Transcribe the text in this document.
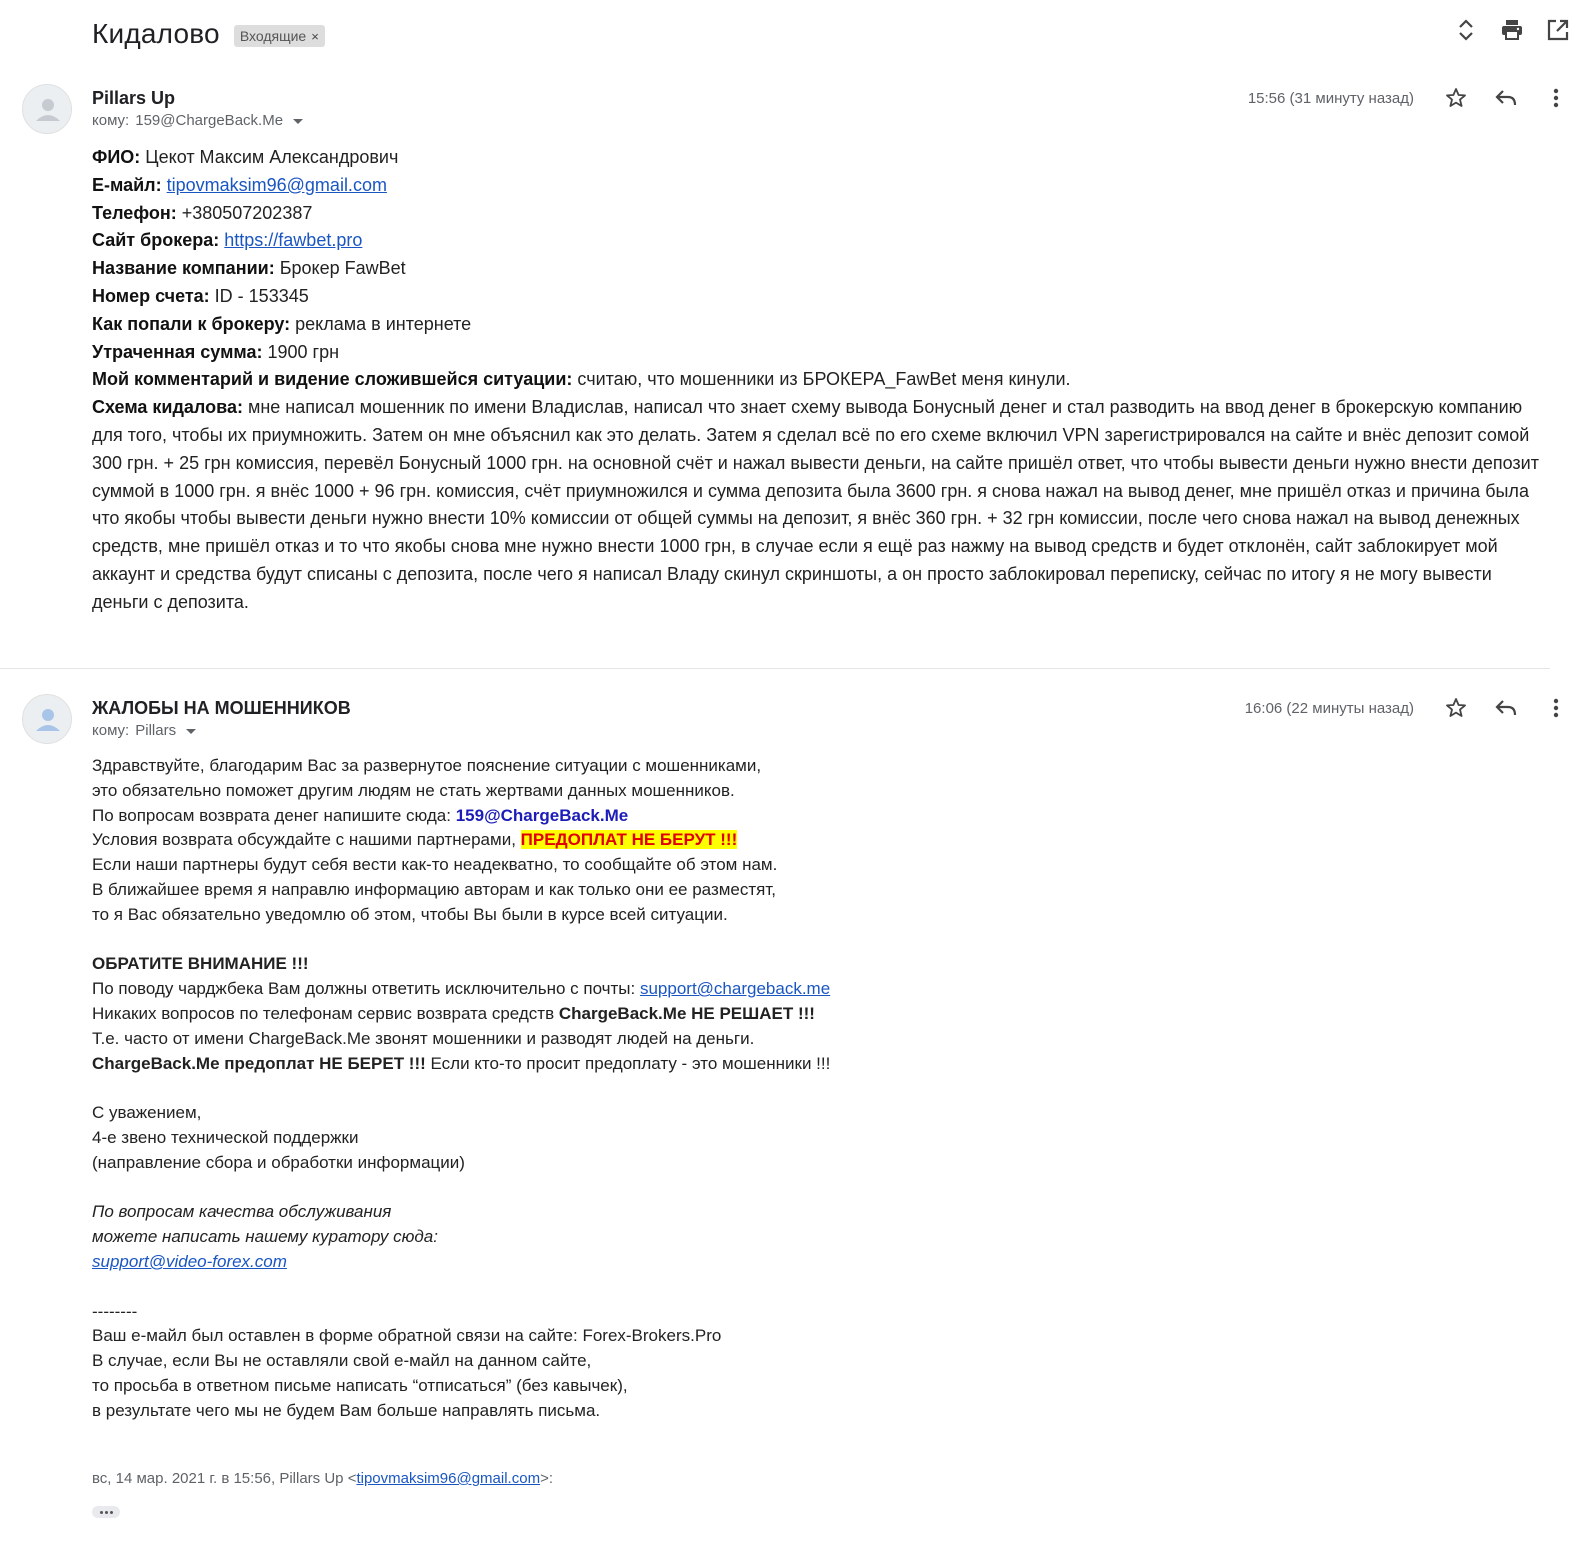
Кидалово Входящие ×
Pillars Up
кому: 159@ChargeBack.Me
15:56 (31 минуту назад)
ФИО: Цекот Максим Александрович
E-майл: tipovmaksim96@gmail.com
Телефон: +380507202387
Сайт брокера: https://fawbet.pro
Название компании: Брокер FawBet
Номер счета: ID - 153345
Как попали к брокеру: реклама в интернете
Утраченная сумма: 1900 грн
Мой комментарий и видение сложившейся ситуации: считаю, что мошенники из БРОКЕРА_FawBet меня кинули.
Схема кидалова: мне написал мошенник по имени Владислав, написал что знает схему вывода Бонусный денег и стал разводить на ввод денег в брокерскую компанию для того, чтобы их приумножить. Затем он мне объяснил как это делать. Затем я сделал всё по его схеме включил VPN зарегистрировался на сайте и внёс депозит сомой 300 грн. + 25 грн комиссия, перевёл Бонусный 1000 грн. на основной счёт и нажал вывести деньги, на сайте пришёл ответ, что чтобы вывести деньги нужно внести депозит суммой в 1000 грн. я внёс 1000 + 96 грн. комиссия, счёт приумножился и сумма депозита была 3600 грн. я снова нажал на вывод денег, мне пришёл отказ и причина была что якобы чтобы вывести деньги нужно внести 10% комиссии от общей суммы на депозит, я внёс 360 грн. + 32 грн комиссии, после чего снова нажал на вывод денежных средств, мне пришёл отказ и то что якобы снова мне нужно внести 1000 грн, в случае если я ещё раз нажму на вывод средств и будет отклонён, сайт заблокирует мой аккаунт и средства будут списаны с депозита, после чего я написал Владу скинул скриншоты, а он просто заблокировал переписку, сейчас по итогу я не могу вывести деньги с депозита.
ЖАЛОБЫ НА МОШЕННИКОВ
кому: Pillars
16:06 (22 минуты назад)
Здравствуйте, благодарим Вас за развернутое пояснение ситуации с мошенниками,
это обязательно поможет другим людям не стать жертвами данных мошенников.
По вопросам возврата денег напишите сюда: 159@ChargeBack.Me
Условия возврата обсуждайте с нашими партнерами, ПРЕДОПЛАТ НЕ БЕРУТ !!!
Если наши партнеры будут себя вести как-то неадекватно, то сообщайте об этом нам.
В ближайшее время я направлю информацию авторам и как только они ее разместят,
то я Вас обязательно уведомлю об этом, чтобы Вы были в курсе всей ситуации.
ОБРАТИТЕ ВНИМАНИЕ !!!
По поводу чарджбека Вам должны ответить исключительно с почты: support@chargeback.me
Никаких вопросов по телефонам сервис возврата средств ChargeBack.Me НЕ РЕШАЕТ !!!
Т.е. часто от имени ChargeBack.Me звонят мошенники и разводят людей на деньги.
ChargeBack.Me предоплат НЕ БЕРЕТ !!! Если кто-то просит предоплату - это мошенники !!!
С уважением,
4-е звено технической поддержки
(направление сбора и обработки информации)
По вопросам качества обслуживания
можете написать нашему куратору сюда:
support@video-forex.com
--------
Ваш е-майл был оставлен в форме обратной связи на сайте: Forex-Brokers.Pro
В случае, если Вы не оставляли свой е-майл на данном сайте,
то просьба в ответном письме написать “отписаться” (без кавычек),
в результате чего мы не будем Вам больше направлять письма.
вс, 14 мар. 2021 г. в 15:56, Pillars Up <tipovmaksim96@gmail.com>:
